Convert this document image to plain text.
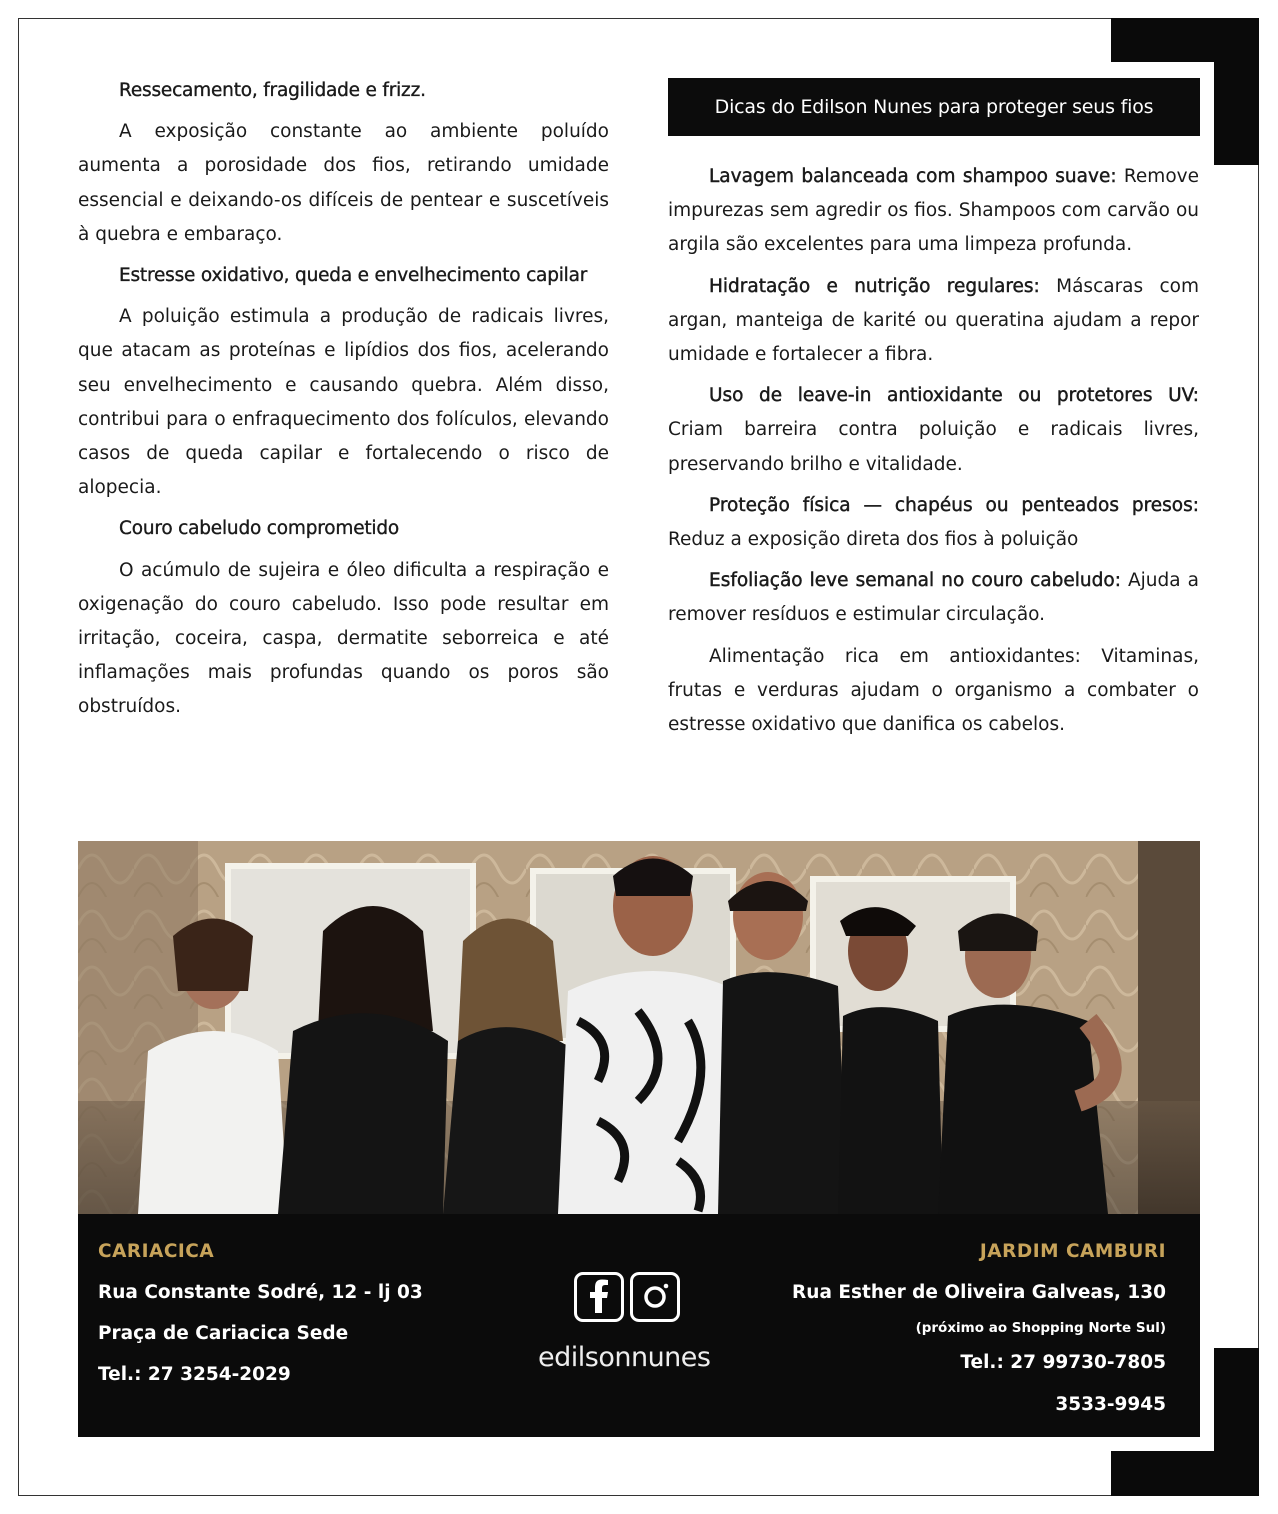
Ressecamento, fragilidade e frizz.

A exposição constante ao ambiente poluído aumenta a porosidade dos fios, retirando umidade essencial e deixando-os difíceis de pentear e suscetíveis à quebra e embaraço.

Estresse oxidativo, queda e envelhecimento capilar

A poluição estimula a produção de radicais livres, que atacam as proteínas e lipídios dos fios, acelerando seu envelhecimento e causando quebra. Além disso, contribui para o enfraquecimento dos folículos, elevando casos de queda capilar e fortalecendo o risco de alopecia.

Couro cabeludo comprometido

O acúmulo de sujeira e óleo dificulta a respiração e oxigenação do couro cabeludo. Isso pode resultar em irritação, coceira, caspa, dermatite seborreica e até inflamações mais profundas quando os poros são obstruídos.

Dicas do Edilson Nunes para proteger seus fios

Lavagem balanceada com shampoo suave: Remove impurezas sem agredir os fios. Shampoos com carvão ou argila são excelentes para uma limpeza profunda.

Hidratação e nutrição regulares: Máscaras com argan, manteiga de karité ou queratina ajudam a repor umidade e fortalecer a fibra.

Uso de leave-in antioxidante ou protetores UV: Criam barreira contra poluição e radicais livres, preservando brilho e vitalidade.

Proteção física — chapéus ou penteados presos: Reduz a exposição direta dos fios à poluição

Esfoliação leve semanal no couro cabeludo: Ajuda a remover resíduos e estimular circulação.

Alimentação rica em antioxidantes: Vitaminas, frutas e verduras ajudam o organismo a combater o estresse oxidativo que danifica os cabelos.

CARIACICA
Rua Constante Sodré, 12 - lj 03
Praça de Cariacica Sede
Tel.: 27 3254-2029
edilsonnunes
JARDIM CAMBURI
Rua Esther de Oliveira Galveas, 130
(próximo ao Shopping Norte Sul)
Tel.: 27 99730-7805
3533-9945
